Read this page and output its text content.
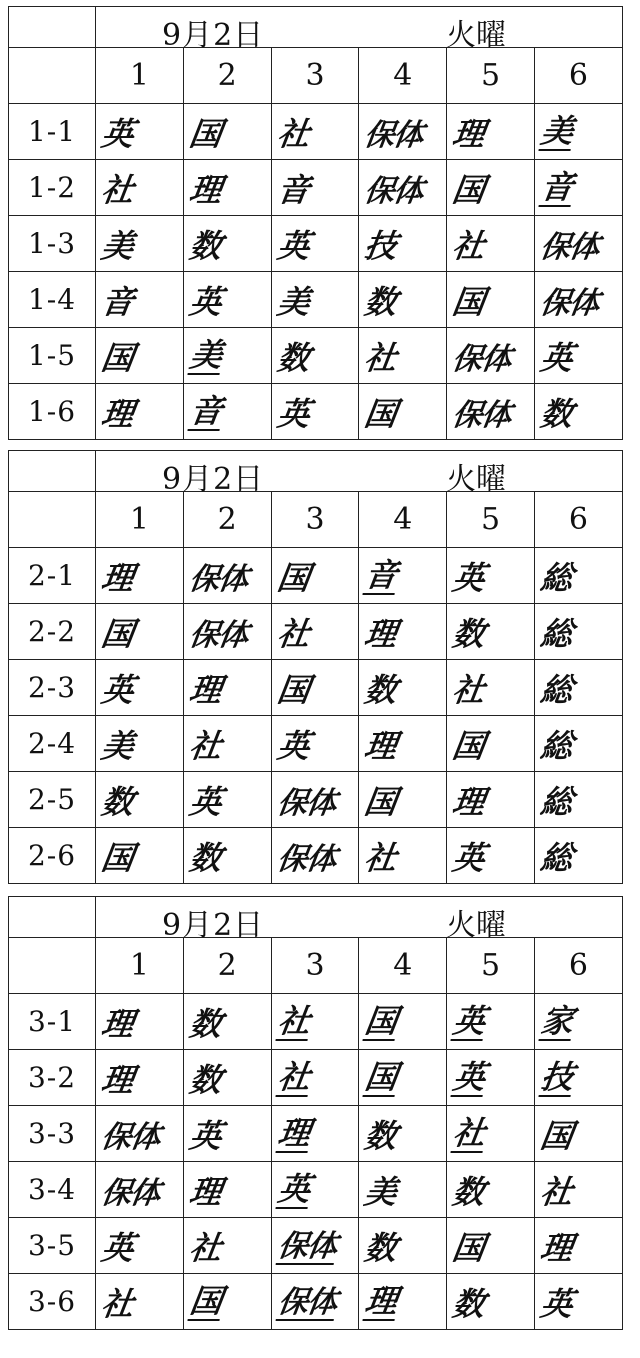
	9月2日 火曜					

	1	2	3	4	5	6
1-1	英	国	社	保体	理	美
1-2	社	理	音	保体	国	音
1-3	美	数	英	技	社	保体
1-4	音	英	美	数	国	保体
1-5	国	美	数	社	保体	英
1-6	理	音	英	国	保体	数

	9月2日 火曜					

	1	2	3	4	5	6
2-1	理	保体	国	音	英	総
2-2	国	保体	社	理	数	総
2-3	英	理	国	数	社	総
2-4	美	社	英	理	国	総
2-5	数	英	保体	国	理	総
2-6	国	数	保体	社	英	総

	9月2日 火曜					

	1	2	3	4	5	6
3-1	理	数	社	国	英	家
3-2	理	数	社	国	英	技
3-3	保体	英	理	数	社	国
3-4	保体	理	英	美	数	社
3-5	英	社	保体	数	国	理
3-6	社	国	保体	理	数	英
